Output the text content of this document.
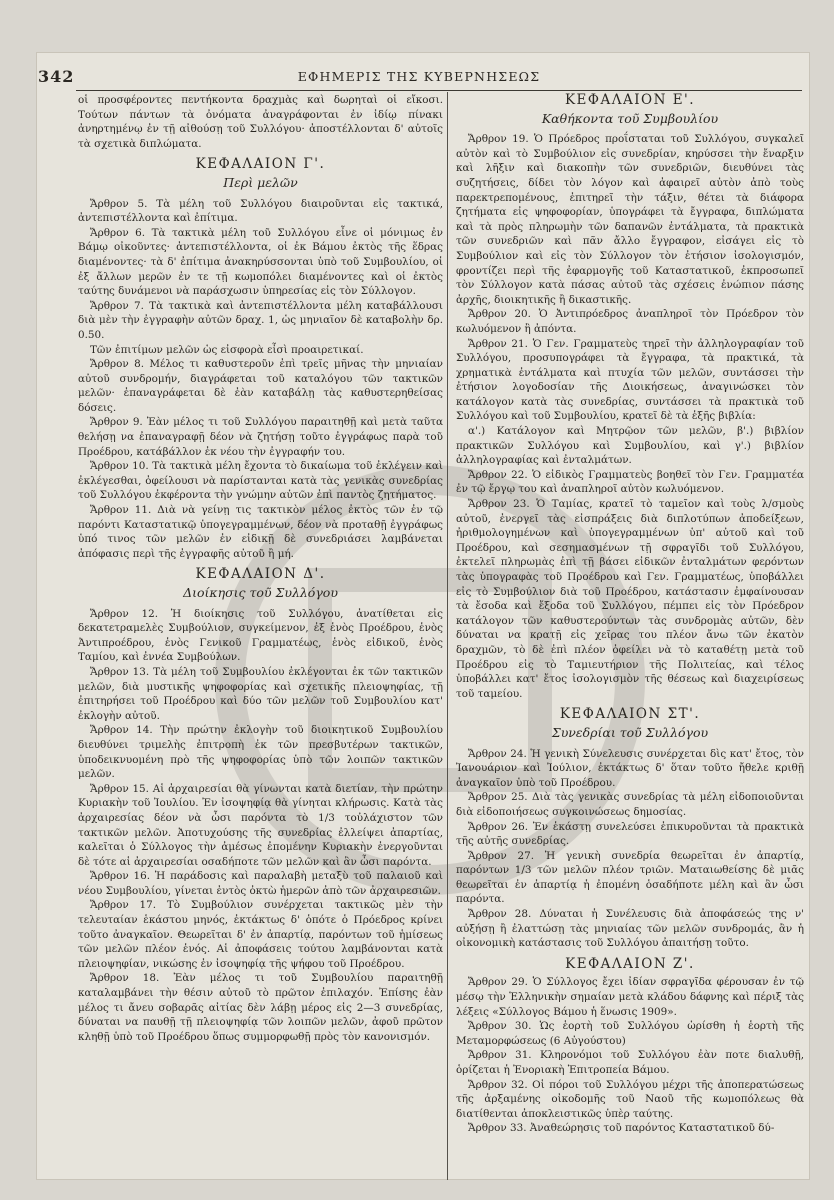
342	ΕΦΗΜΕΡΙΣ ΤΗΣ ΚΥΒΕΡΝΗΣΕΩΣ

οἱ προσφέροντες πεντήκοντα δραχμὰς καὶ δωρηταὶ οἱ εἴκοσι. Τούτων πάντων τὰ ὀνόματα ἀναγράφονται ἐν ἰδίῳ πίνακι ἀνηρτημένῳ ἐν τῇ αἰθούσῃ τοῦ Συλλόγου· ἀποστέλλονται δ' αὐτοῖς τὰ σχετικὰ διπλώματα.

ΚΕΦΑΛΑΙΟΝ Γ'.
Περὶ μελῶν

Ἄρθρον 5. Τὰ μέλη τοῦ Συλλόγου διαιροῦνται εἰς τακτικά, ἀντεπιστέλλοντα καὶ ἐπίτιμα.

Ἄρθρον 6. Τὰ τακτικὰ μέλη τοῦ Συλλόγου εἶνε οἱ μόνιμως ἐν Βάμῳ οἰκοῦντες· ἀντεπιστέλλοντα, οἱ ἐκ Βάμου ἐκτὸς τῆς ἕδρας διαμένοντες· τὰ δ' ἐπίτιμα ἀνακηρύσσονται ὑπὸ τοῦ Συμβουλίου, οἱ ἐξ ἄλλων μερῶν ἐν τε τῇ κωμοπόλει διαμένοντες καὶ οἱ ἐκτὸς ταύτης δυνάμενοι νὰ παράσχωσιν ὑπηρεσίας εἰς τὸν Σύλλογον.

Ἄρθρον 7. Τὰ τακτικὰ καὶ ἀντεπιστέλλοντα μέλη καταβάλλουσι διὰ μὲν τὴν ἐγγραφὴν αὐτῶν δραχ. 1, ὡς μηνιαῖον δὲ καταβολὴν δρ. 0.50.

Τῶν ἐπιτίμων μελῶν ὡς εἰσφορὰ εἶσὶ προαιρετικαί.

Ἄρθρον 8. Μέλος τι καθυστεροῦν ἐπὶ τρεῖς μῆνας τὴν μηνιαίαν αὐτοῦ συνδρομήν, διαγράφεται τοῦ καταλόγου τῶν τακτικῶν μελῶν· ἐπαναγράφεται δὲ ἐὰν καταβάλῃ τὰς καθυστερηθείσας δόσεις.

Ἄρθρον 9. Ἐὰν μέλος τι τοῦ Συλλόγου παραιτηθῇ καὶ μετὰ ταῦτα θελήσῃ να ἐπαναγραφῇ δέον νὰ ζητήσῃ τοῦτο ἐγγράφως παρὰ τοῦ Προέδρου, κατάβάλλον ἐκ νέου τὴν ἐγγραφήν του.

Ἄρθρον 10. Τὰ τακτικὰ μέλη ἔχοντα τὸ δικαίωμα τοῦ ἐκλέγειν καὶ ἐκλέγεσθαι, ὀφείλουσι νὰ παρίστανται κατὰ τὰς γενικὰς συνεδρίας τοῦ Συλλόγου ἐκφέροντα τὴν γνώμην αὐτῶν ἐπὶ παντὸς ζητήματος.

Ἄρθρον 11. Διὰ νὰ γείνῃ τις τακτικὸν μέλος ἐκτὸς τῶν ἐν τῷ παρόντι Καταστατικῷ ὑπογεγραμμένων, δέον νὰ προταθῇ ἐγγράφως ὑπό τινος τῶν μελῶν ἐν εἰδικῇ δὲ συνεδριάσει λαμβάνεται ἀπόφασις περὶ τῆς ἐγγραφῆς αὐτοῦ ἢ μή.

ΚΕΦΑΛΑΙΟΝ Δ'.
Διοίκησις τοῦ Συλλόγου

Ἄρθρον 12. Ἡ διοίκησις τοῦ Συλλόγου, ἀνατίθεται εἰς δεκατετραμελὲς Συμβούλιον, συγκείμενον, ἐξ ἑνὸς Προέδρου, ἑνὸς Ἀντιπροέδρου, ἑνὸς Γενικοῦ Γραμματέως, ἑνὸς εἰδικοῦ, ἑνὸς Ταμίου, καὶ ἐννέα Συμβούλων.

Ἄρθρον 13. Τὰ μέλη τοῦ Συμβουλίου ἐκλέγονται ἐκ τῶν τακτικῶν μελῶν, διὰ μυστικῆς ψηφοφορίας καὶ σχετικῆς πλειοψηφίας, τῇ ἐπιτηρήσει τοῦ Προέδρου καὶ δύο τῶν μελῶν τοῦ Συμβουλίου κατ' ἐκλογὴν αὐτοῦ.

Ἄρθρον 14. Τὴν πρώτην ἐκλογὴν τοῦ διοικητικοῦ Συμβουλίου διευθύνει τριμελὴς ἐπιτροπὴ ἐκ τῶν πρεσβυτέρων τακτικῶν, ὑποδεικνυομένη πρὸ τῆς ψηφοφορίας ὑπὸ τῶν λοιπῶν τακτικῶν μελῶν.

Ἄρθρον 15. Αἱ ἀρχαιρεσίαι θὰ γίνωνται κατὰ διετίαν, τὴν πρώτην Κυριακὴν τοῦ Ἰουλίου. Ἐν ἰσοψηφίᾳ θὰ γίνηται κλήρωσις. Κατὰ τὰς ἀρχαιρεσίας δέον νὰ ὦσι παρόντα τὸ 1/3 τοὐλάχιστον τῶν τακτικῶν μελῶν. Ἀποτυχούσης τῆς συνεδρίας ἐλλείψει ἀπαρτίας, καλεῖται ὁ Σύλλογος τὴν ἀμέσως ἐπομένην Κυριακὴν ἐνεργοῦνται δὲ τότε αἱ ἀρχαιρεσίαι οσαδήποτε τῶν μελῶν καὶ ἂν ὦσι παρόντα.

Ἄρθρον 16. Ἡ παράδοσις καὶ παραλαβὴ μεταξὺ τοῦ παλαιοῦ καὶ νέου Συμβουλίου, γίνεται ἐντὸς ὀκτὼ ἡμερῶν ἀπὸ τῶν ἀρχαιρεσιῶν.

Ἄρθρον 17. Τὸ Συμβούλιον συνέρχεται τακτικῶς μὲν τὴν τελευταίαν ἑκάστου μηνός, ἐκτάκτως δ' ὁπότε ὁ Πρόεδρος κρίνει τοῦτο ἀναγκαῖον. Θεωρεῖται δ' ἐν ἀπαρτίᾳ, παρόντων τοῦ ἡμίσεως τῶν μελῶν πλέον ἑνός. Αἱ ἀποφάσεις τούτου λαμβάνονται κατὰ πλειοψηφίαν, νικώσης ἐν ἰσοψηφίᾳ τῆς ψήφου τοῦ Προέδρου.

Ἄρθρον 18. Ἐὰν μέλος τι τοῦ Συμβουλίου παραιτηθῇ καταλαμβάνει τὴν θέσιν αὐτοῦ τὸ πρῶτον ἐπιλαχόν. Ἐπίσης ἐὰν μέλος τι ἄνευ σοβαρᾶς αἰτίας δὲν λάβῃ μέρος εἰς 2—3 συνεδρίας, δύναται να παυθῇ τῇ πλειοψηφίᾳ τῶν λοιπῶν μελῶν, ἀφοῦ πρῶτον κληθῇ ὑπὸ τοῦ Προέδρου ὅπως συμμορφωθῇ πρὸς τὸν κανονισμόν.

ΚΕΦΑΛΑΙΟΝ Ε'.
Καθήκοντα τοῦ Συμβουλίου

Ἄρθρον 19. Ὁ Πρόεδρος προΐσταται τοῦ Συλλόγου, συγκαλεῖ αὐτὸν καὶ τὸ Συμβούλιον εἰς συνεδρίαν, κηρύσσει τὴν ἔναρξιν καὶ λῆξιν καὶ διακοπὴν τῶν συνεδριῶν, διευθύνει τὰς συζητήσεις, δίδει τὸν λόγον καὶ ἀφαιρεῖ αὐτὸν ἀπὸ τοὺς παρεκτρεπομένους, ἐπιτηρεῖ τὴν τάξιν, θέτει τὰ διάφορα ζητήματα εἰς ψηφοφορίαν, ὑπογράφει τὰ ἔγγραφα, διπλώματα καὶ τὰ πρὸς πληρωμὴν τῶν δαπανῶν ἐντάλματα, τὰ πρακτικὰ τῶν συνεδριῶν καὶ πᾶν ἄλλο ἔγγραφον, εἰσάγει εἰς τὸ Συμβούλιον καὶ εἰς τὸν Σύλλογον τὸν ἐτήσιον ἰσολογισμόν, φροντίζει περὶ τῆς ἐφαρμογῆς τοῦ Καταστατικοῦ, ἐκπροσωπεῖ τὸν Σύλλογον κατὰ πάσας αὐτοῦ τὰς σχέσεις ἐνώπιον πάσης ἀρχῆς, διοικητικῆς ἢ δικαστικῆς.

Ἄρθρον 20. Ὁ Ἀντιπρόεδρος ἀναπληροῖ τὸν Πρόεδρον τὸν κωλυόμενον ἢ ἀπόντα.

Ἄρθρον 21. Ὁ Γεν. Γραμματεὺς τηρεῖ τὴν ἀλληλογραφίαν τοῦ Συλλόγου, προσυπογράφει τὰ ἔγγραφα, τὰ πρακτικά, τὰ χρηματικὰ ἐντάλματα καὶ πτυχία τῶν μελῶν, συντάσσει τὴν ἐτήσιον λογοδοσίαν τῆς Διοικήσεως, ἀναγινώσκει τὸν κατάλογον κατὰ τὰς συνεδρίας, συντάσσει τὰ πρακτικὰ τοῦ Συλλόγου καὶ τοῦ Συμβουλίου, κρατεῖ δὲ τὰ ἑξῆς βιβλία:

α'.) Κατάλογον καὶ Μητρῷον τῶν μελῶν, β'.) βιβλίον πρακτικῶν Συλλόγου καὶ Συμβουλίου, καὶ γ'.) βιβλίον ἀλληλογραφίας καὶ ἐνταλμάτων.

Ἄρθρον 22. Ὁ εἰδικὸς Γραμματεὺς βοηθεῖ τὸν Γεν. Γραμματέα ἐν τῷ ἔργῳ του καὶ ἀναπληροῖ αὐτὸν κωλυόμενον.

Ἄρθρον 23. Ὁ Ταμίας, κρατεῖ τὸ ταμεῖον καὶ τοὺς λ/σμοὺς αὐτοῦ, ἐνεργεῖ τὰς εἰσπράξεις διὰ διπλοτύπων ἀποδείξεων, ἠριθμολογημένων καὶ ὑπογεγραμμένων ὑπ' αὐτοῦ καὶ τοῦ Προέδρου, καὶ σεσημασμένων τῇ σφραγῖδι τοῦ Συλλόγου, ἐκτελεῖ πληρωμὰς ἐπὶ τῇ βάσει εἰδικῶν ἐνταλμάτων φερόντων τὰς ὑπογραφὰς τοῦ Προέδρου καὶ Γεν. Γραμματέως, ὑποβάλλει εἰς τὸ Συμβούλιον διὰ τοῦ Προέδρου, κατάστασιν ἐμφαίνουσαν τὰ ἔσοδα καὶ ἔξοδα τοῦ Συλλόγου, πέμπει εἰς τὸν Πρόεδρον κατάλογον τῶν καθυστερούντων τὰς συνδρομὰς αὐτῶν, δὲν δύναται να κρατῇ εἰς χεῖρας του πλέον ἄνω τῶν ἑκατὸν δραχμῶν, τὸ δὲ ἐπὶ πλέον ὀφείλει νὰ τὸ καταθέτῃ μετὰ τοῦ Προέδρου εἰς τὸ Ταμιευτήριον τῆς Πολιτείας, καὶ τέλος ὑποβάλλει κατ' ἔτος ἰσολογισμὸν τῆς θέσεως καὶ διαχειρίσεως τοῦ ταμείου.

ΚΕΦΑΛΑΙΟΝ ΣΤ'.
Συνεδρίαι τοῦ Συλλόγου

Ἄρθρον 24. Ἡ γενικὴ Σύνελευσις συνέρχεται δὶς κατ' ἔτος, τὸν Ἰανουάριον καὶ Ἰούλιον, ἐκτάκτως δ' ὅταν τοῦτο ἤθελε κριθῇ ἀναγκαῖον ὑπὸ τοῦ Προέδρου.

Ἄρθρον 25. Διὰ τὰς γενικὰς συνεδρίας τὰ μέλη εἰδοποιοῦνται διὰ εἰδοποιήσεως συγκοινώσεως δημοσίας.

Ἄρθρον 26. Ἐν ἑκάστῃ συνελεύσει ἐπικυροῦνται τὰ πρακτικὰ τῆς αὐτῆς συνεδρίας.

Ἄρθρον 27. Ἡ γενικὴ συνεδρία θεωρεῖται ἐν ἀπαρτίᾳ, παρόντων 1/3 τῶν μελῶν πλέον τριῶν. Ματαιωθείσης δὲ μιᾶς θεωρεῖται ἐν ἀπαρτίᾳ ἡ ἐπομένη ὁσαδήποτε μέλη καὶ ἂν ὦσι παρόντα.

Ἄρθρον 28. Δύναται ἡ Συνέλευσις διὰ ἀποφάσεώς της ν' αὐξήσῃ ἢ ἐλαττώσῃ τὰς μηνιαίας τῶν μελῶν συνδρομάς, ἂν ἡ οἰκονομικὴ κατάστασις τοῦ Συλλόγου ἀπαιτήσῃ τοῦτο.

ΚΕΦΑΛΑΙΟΝ Ζ'.

Ἄρθρον 29. Ὁ Σύλλογος ἔχει ἰδίαν σφραγῖδα φέρουσαν ἐν τῷ μέσῳ τὴν Ἑλληνικὴν σημαίαν μετὰ κλάδου δάφνης καὶ πέριξ τὰς λέξεις «Σύλλογος Βάμου ἡ ἕνωσις 1909».

Ἄρθρον 30. Ὡς ἑορτὴ τοῦ Συλλόγου ὡρίσθη ἡ ἑορτὴ τῆς Μεταμορφώσεως (6 Αὐγούστου)

Ἄρθρον 31. Κληρονόμοι τοῦ Συλλόγου ἐὰν ποτε διαλυθῇ, ὁρίζεται ἡ Ἐνοριακὴ Ἐπιτροπεία Βάμου.

Ἄρθρον 32. Οἱ πόροι τοῦ Συλλόγου μέχρι τῆς ἀποπερατώσεως τῆς ἀρξαμένης οἰκοδομῆς τοῦ Ναοῦ τῆς κωμοπόλεως θὰ διατίθενται ἀποκλειστικῶς ὑπὲρ ταύτης.

Ἄρθρον 33. Ἀναθεώρησις τοῦ παρόντος Καταστατικοῦ δύ-
